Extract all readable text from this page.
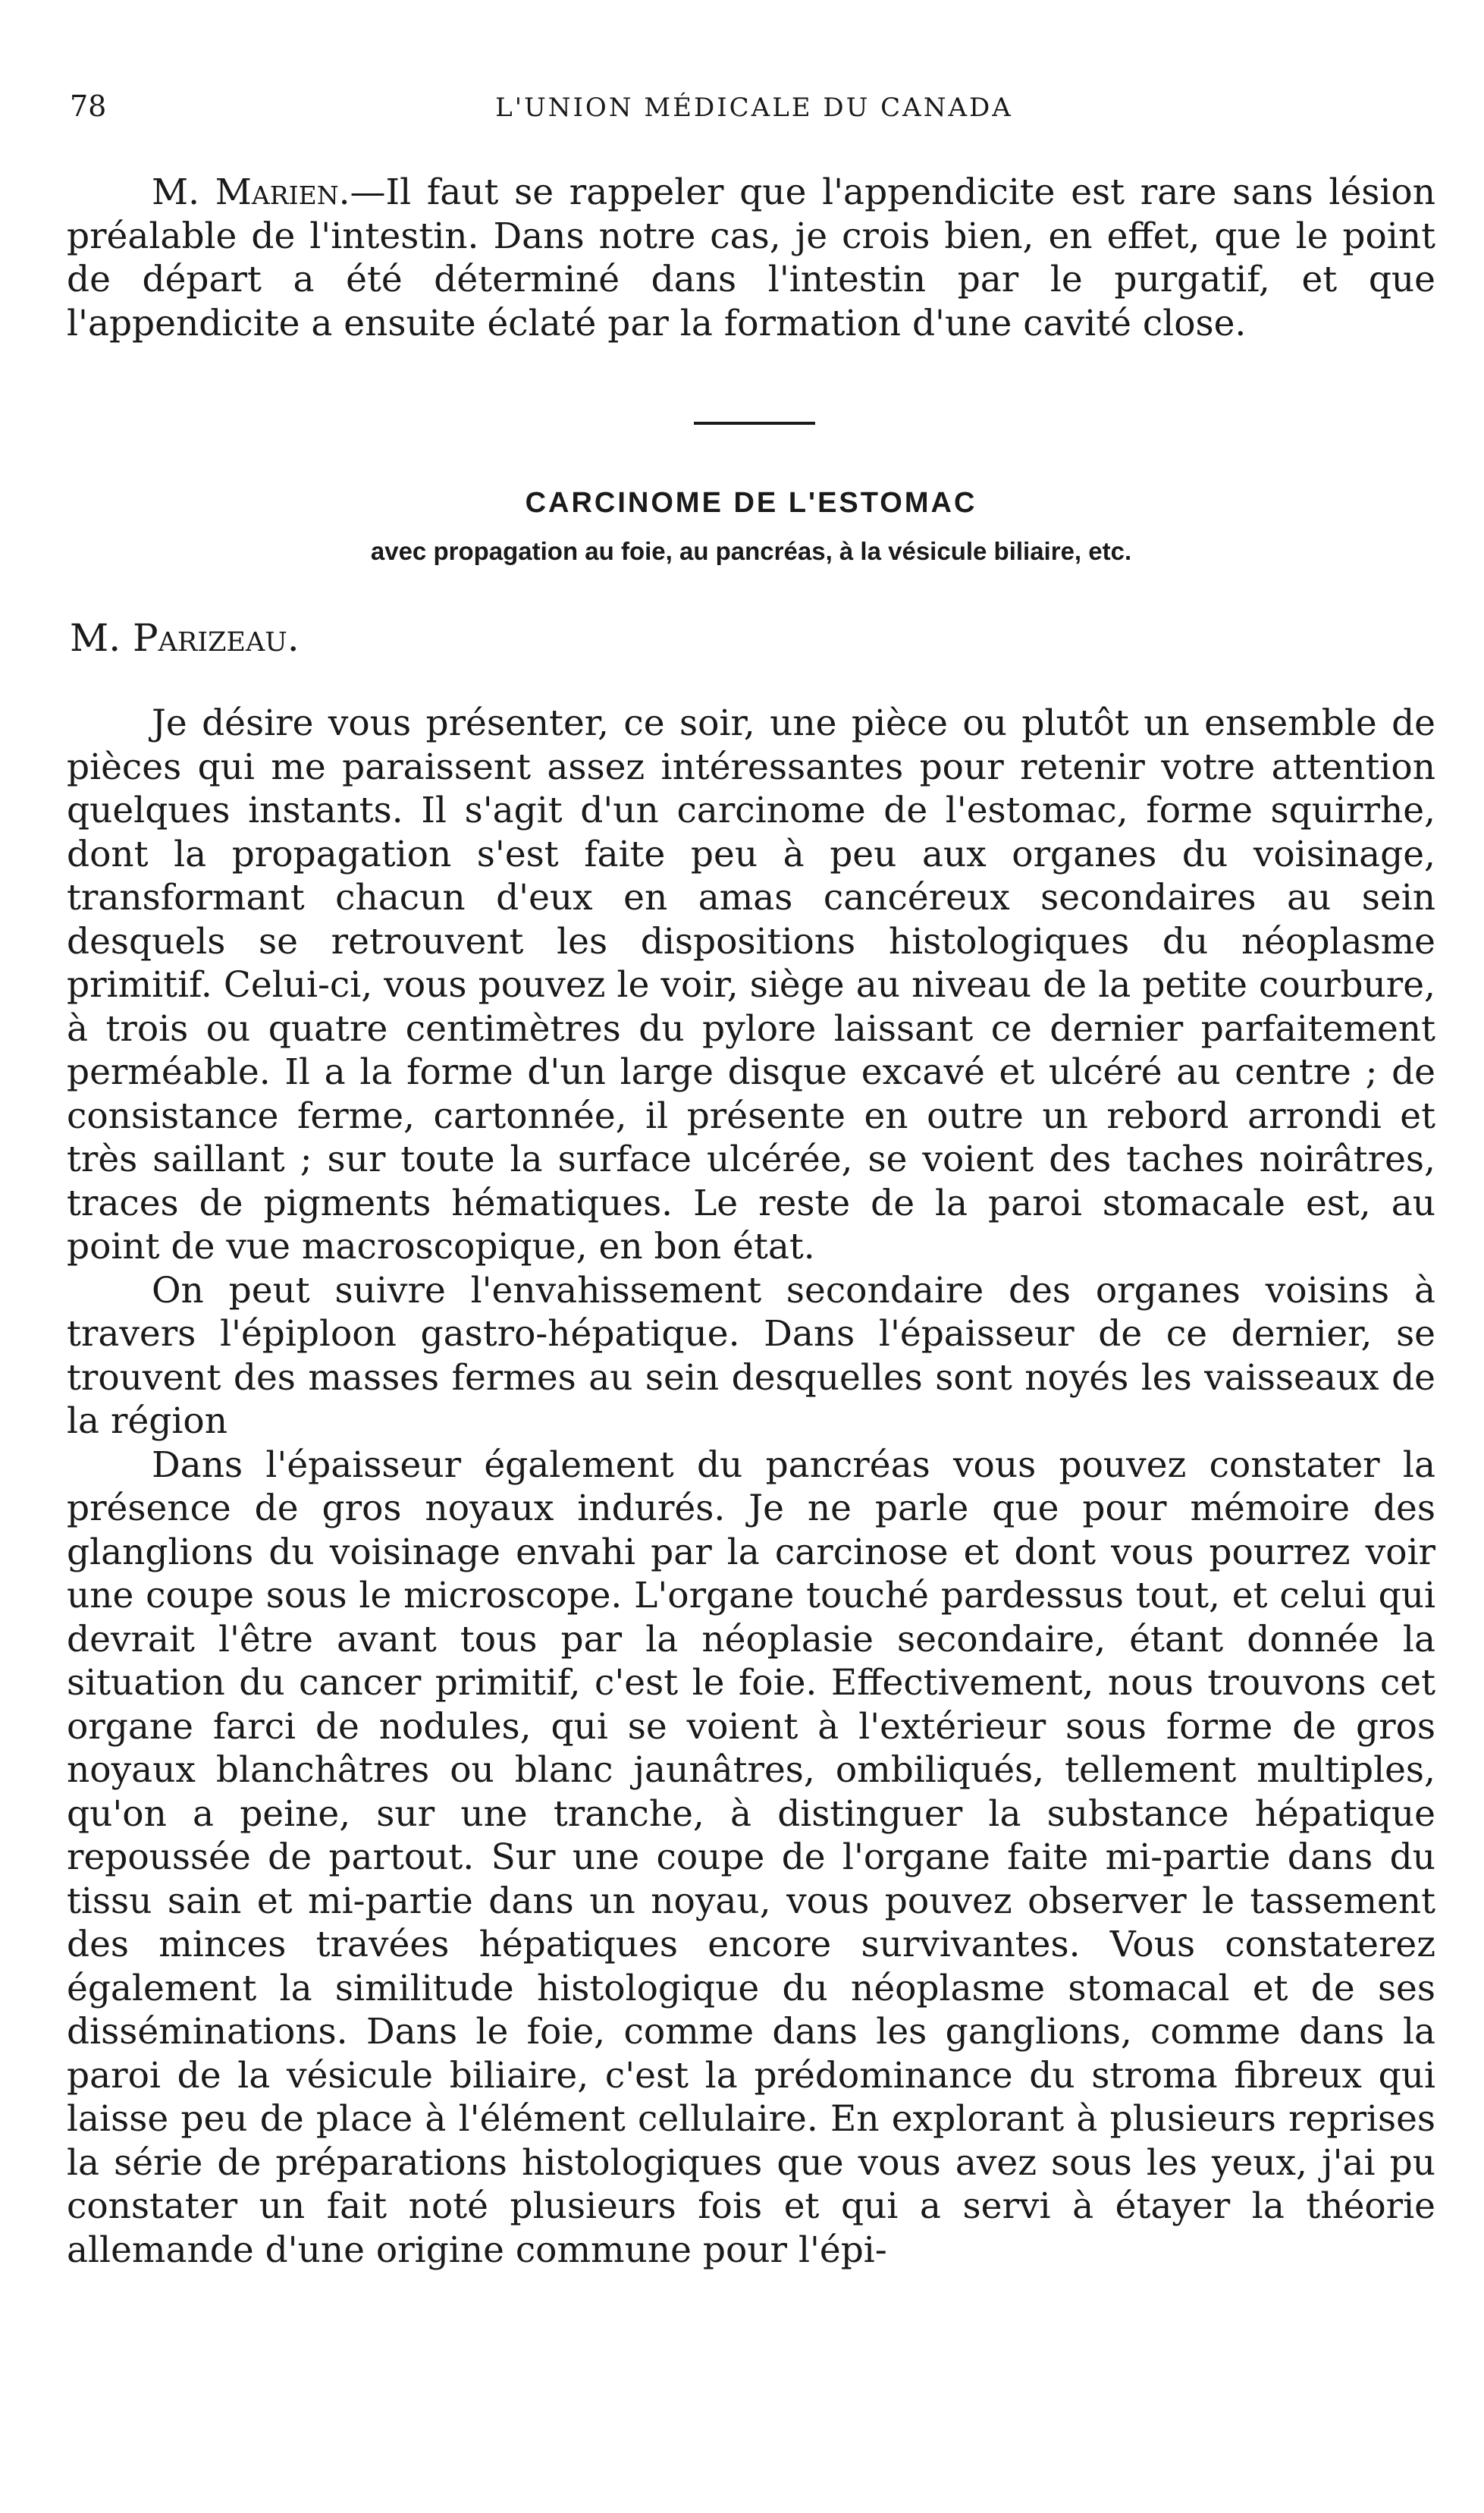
78	L'UNION MÉDICALE DU CANADA

M. Marien.—Il faut se rappeler que l'appendicite est rare sans lésion préalable de l'intestin. Dans notre cas, je crois bien, en effet, que le point de départ a été déterminé dans l'intestin par le purgatif, et que l'appendicite a ensuite éclaté par la formation d'une cavité close.

CARCINOME DE L'ESTOMAC
avec propagation au foie, au pancréas, à la vésicule biliaire, etc.
M. Parizeau.

Je désire vous présenter, ce soir, une pièce ou plutôt un ensemble de pièces qui me paraissent assez intéressantes pour retenir votre attention quelques instants. Il s'agit d'un carcinome de l'estomac, forme squirrhe, dont la propagation s'est faite peu à peu aux organes du voisinage, transformant chacun d'eux en amas cancéreux secondaires au sein desquels se retrouvent les dispositions histologiques du néoplasme primitif. Celui-ci, vous pouvez le voir, siège au niveau de la petite courbure, à trois ou quatre centimètres du pylore laissant ce dernier parfaitement perméable. Il a la forme d'un large disque excavé et ulcéré au centre ; de consistance ferme, cartonnée, il présente en outre un rebord arrondi et très saillant ; sur toute la surface ulcérée, se voient des taches noirâtres, traces de pigments hématiques. Le reste de la paroi stomacale est, au point de vue macroscopique, en bon état.

On peut suivre l'envahissement secondaire des organes voisins à travers l'épiploon gastro-hépatique. Dans l'épaisseur de ce dernier, se trouvent des masses fermes au sein desquelles sont noyés les vaisseaux de la région

Dans l'épaisseur également du pancréas vous pouvez constater la présence de gros noyaux indurés. Je ne parle que pour mémoire des glanglions du voisinage envahi par la carcinose et dont vous pourrez voir une coupe sous le microscope. L'organe touché pardessus tout, et celui qui devrait l'être avant tous par la néoplasie secondaire, étant donnée la situation du cancer primitif, c'est le foie. Effectivement, nous trouvons cet organe farci de nodules, qui se voient à l'extérieur sous forme de gros noyaux blanchâtres ou blanc jaunâtres, ombiliqués, tellement multiples, qu'on a peine, sur une tranche, à distinguer la substance hépatique repoussée de partout. Sur une coupe de l'organe faite mi-partie dans du tissu sain et mi-partie dans un noyau, vous pouvez observer le tassement des minces travées hépatiques encore survivantes. Vous constaterez également la similitude histologique du néoplasme stomacal et de ses disséminations. Dans le foie, comme dans les ganglions, comme dans la paroi de la vésicule biliaire, c'est la prédominance du stroma fibreux qui laisse peu de place à l'élément cellulaire. En explorant à plusieurs reprises la série de préparations histologiques que vous avez sous les yeux, j'ai pu constater un fait noté plusieurs fois et qui a servi à étayer la théorie allemande d'une origine commune pour l'épi-
